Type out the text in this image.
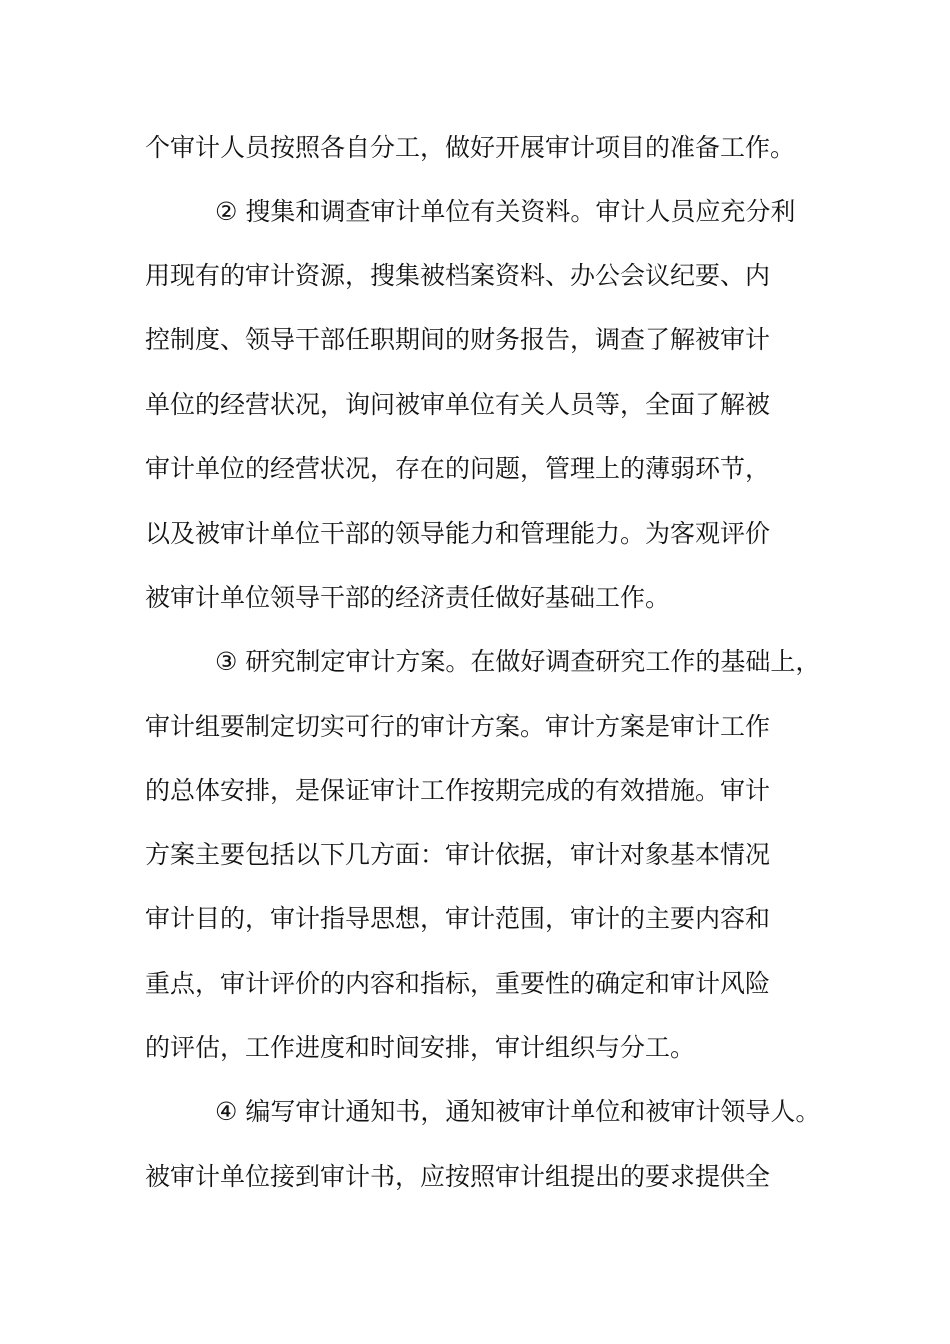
个审计人员按照各自分工，做好开展审计项目的准备工作。
② 搜集和调查审计单位有关资料。审计人员应充分利
用现有的审计资源，搜集被档案资料、办公会议纪要、内
控制度、领导干部任职期间的财务报告，调查了解被审计
单位的经营状况，询问被审单位有关人员等，全面了解被
审计单位的经营状况，存在的问题，管理上的薄弱环节，
以及被审计单位干部的领导能力和管理能力。为客观评价
被审计单位领导干部的经济责任做好基础工作。
③ 研究制定审计方案。在做好调查研究工作的基础上，
审计组要制定切实可行的审计方案。审计方案是审计工作
的总体安排，是保证审计工作按期完成的有效措施。审计
方案主要包括以下几方面：审计依据，审计对象基本情况
审计目的，审计指导思想，审计范围，审计的主要内容和
重点，审计评价的内容和指标，重要性的确定和审计风险
的评估，工作进度和时间安排，审计组织与分工。
④ 编写审计通知书，通知被审计单位和被审计领导人。
被审计单位接到审计书，应按照审计组提出的要求提供全
